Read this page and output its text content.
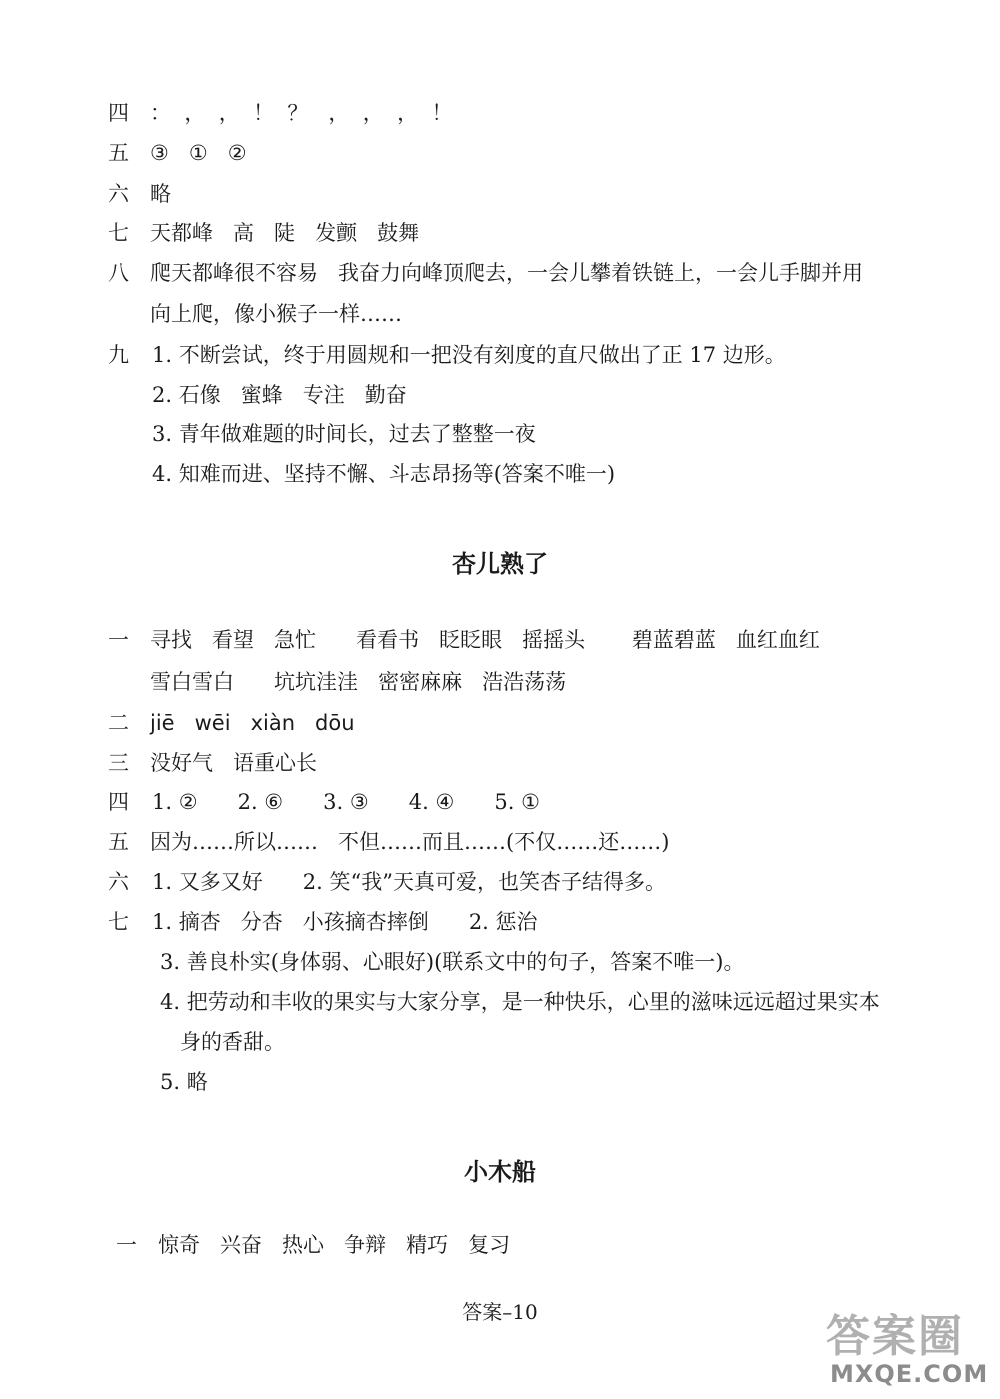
四 ：  ，  ，  ！  ？   ，  ，  ，  ！
五 ③   ①   ②
六 略
七 天都峰   高   陡   发颤   鼓舞
八 爬天都峰很不容易   我奋力向峰顶爬去，一会儿攀着铁链上，一会儿手脚并用
向上爬，像小猴子一样……
九 1. 不断尝试，终于用圆规和一把没有刻度的直尺做出了正 17 边形。
2. 石像   蜜蜂   专注   勤奋
3. 青年做难题的时间长，过去了整整一夜
4. 知难而进、坚持不懈、斗志昂扬等(答案不唯一)
杏儿熟了
一 寻找   看望   急忙      看看书   眨眨眼   摇摇头       碧蓝碧蓝   血红血红
雪白雪白      坑坑洼洼   密密麻麻   浩浩荡荡
二 jiē   wēi   xiàn   dōu
三 没好气   语重心长
四 1. ②      2. ⑥      3. ③      4. ④      5. ①
五 因为……所以……   不但……而且……(不仅……还……)
六 1. 又多又好      2. 笑“我”天真可爱，也笑杏子结得多。
七 1. 摘杏   分杏   小孩摘杏摔倒      2. 惩治
3. 善良朴实(身体弱、心眼好)(联系文中的句子，答案不唯一)。
4. 把劳动和丰收的果实与大家分享，是一种快乐，心里的滋味远远超过果实本
身的香甜。
5. 略
小木船
一 惊奇   兴奋   热心   争辩   精巧   复习
答案–10	答案圈
MXQE.COM
